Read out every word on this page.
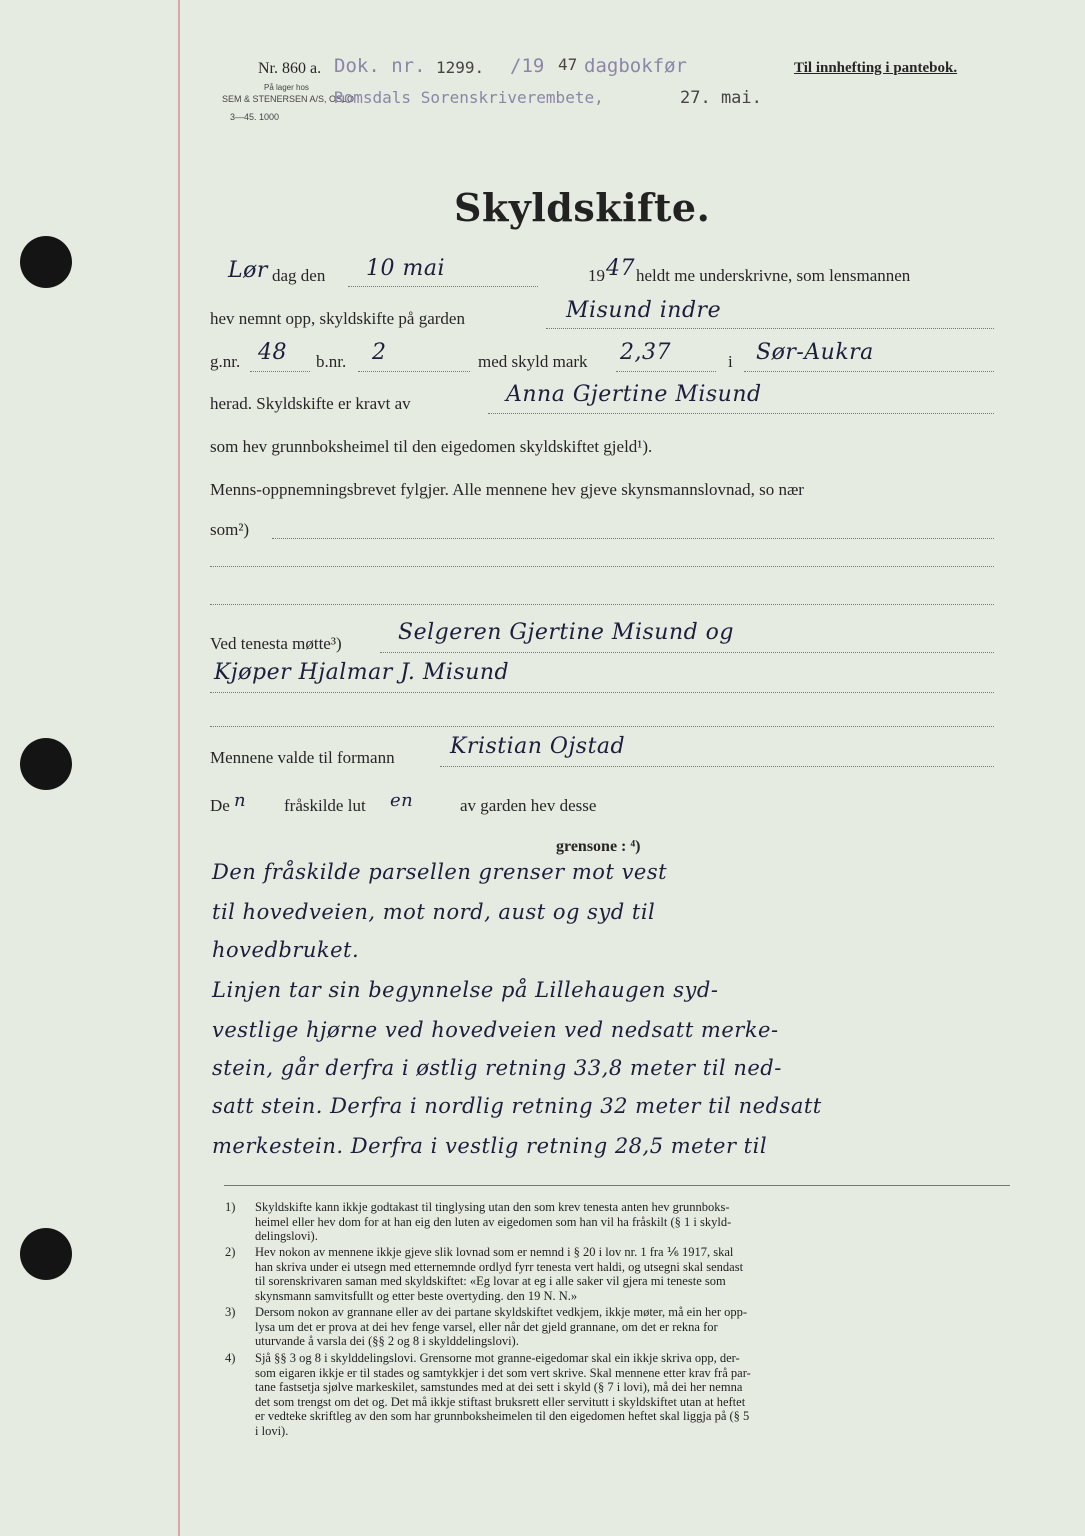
Nr. 860 a. Dok. nr. 1299. /19 47 dagbokfør	Til innhefting i pantebok.
På lager hos
SEM & STENERSEN A/S, OSLO
3—45. 1000
Romsdals Sorenskriverembete,	27. mai.
Skyldskifte.
Lør dag den 10 mai	19 47 heldt me underskrivne, som lensmannen
hev nemnt opp, skyldskifte på garden	Misund indre
g.nr. 48 b.nr. 2	med skyld mark 2,37	i Sør-Aukra
herad. Skyldskifte er kravt av	Anna Gjertine Misund
som hev grunnboksheimel til den eigedomen skyldskiftet gjeld¹).
Menns-oppnemningsbrevet fylgjer. Alle mennene hev gjeve skynsmannslovnad, so nær
som²)
Ved tenesta møtte³)	Selgeren Gjertine Misund og
Kjøper Hjalmar J. Misund
Mennene valde til formann	Kristian Ojstad
De n fråskilde lut en	av garden hev desse
grensone : ⁴)
Den fråskilde parsellen grenser mot vest
til hovedveien, mot nord, aust og syd til
hovedbruket.
Linjen tar sin begynnelse på Lillehaugen syd-
vestlige hjørne ved hovedveien ved nedsatt merke-
stein, går derfra i østlig retning 33,8 meter til ned-
satt stein. Derfra i nordlig retning 32 meter til nedsatt
merkestein. Derfra i vestlig retning 28,5 meter til
1) Skyldskifte kann ikkje godtakast til tinglysing utan den som krev tenesta anten hev grunnboks-
heimel eller hev dom for at han eig den luten av eigedomen som han vil ha fråskilt (§ 1 i skyld-
delingslovi).
2) Hev nokon av mennene ikkje gjeve slik lovnad som er nemnd i § 20 i lov nr. 1 fra ⅙ 1917, skal
han skriva under ei utsegn med etternemnde ordlyd fyrr tenesta vert haldi, og utsegni skal sendast
til sorenskrivaren saman med skyldskiftet: «Eg lovar at eg i alle saker vil gjera mi teneste som
skynsmann samvitsfullt og etter beste overtyding. den 19 N. N.»
3) Dersom nokon av grannane eller av dei partane skyldskiftet vedkjem, ikkje møter, må ein her opp-
lysa um det er prova at dei hev fenge varsel, eller når det gjeld grannane, om det er rekna for
uturvande å varsla dei (§§ 2 og 8 i skylddelingslovi).
4) Sjå §§ 3 og 8 i skylddelingslovi. Grensorne mot granne-eigedomar skal ein ikkje skriva opp, der-
som eigaren ikkje er til stades og samtykkjer i det som vert skrive. Skal mennene etter krav frå par-
tane fastsetja sjølve markeskilet, samstundes med at dei sett i skyld (§ 7 i lovi), må dei her nemna
det som trengst om det og. Det må ikkje stiftast bruksrett eller servitutt i skyldskiftet utan at heftet
er vedteke skriftleg av den som har grunnboksheimelen til den eigedomen heftet skal liggja på (§ 5
i lovi).
